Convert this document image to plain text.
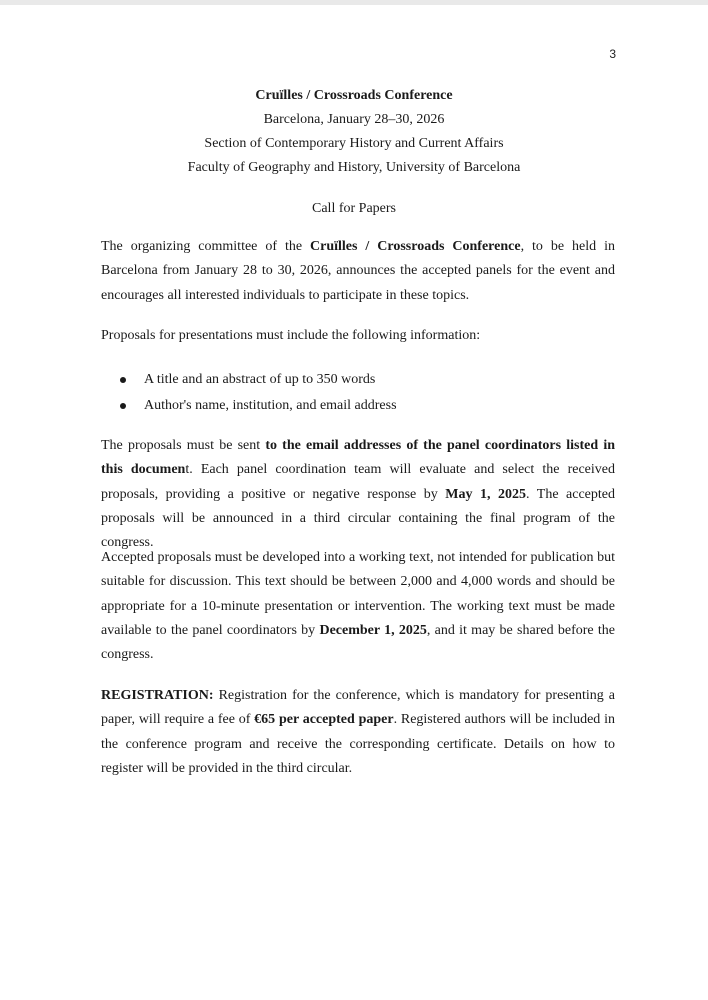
3
Cruïlles / Crossroads Conference
Barcelona, January 28–30, 2026
Section of Contemporary History and Current Affairs
Faculty of Geography and History, University of Barcelona
Call for Papers

The organizing committee of the Cruïlles / Crossroads Conference, to be held in Barcelona from January 28 to 30, 2026, announces the accepted panels for the event and encourages all interested individuals to participate in these topics.

Proposals for presentations must include the following information:

A title and an abstract of up to 350 words
Author's name, institution, and email address

The proposals must be sent to the email addresses of the panel coordinators listed in this document. Each panel coordination team will evaluate and select the received proposals, providing a positive or negative response by May 1, 2025. The accepted proposals will be announced in a third circular containing the final program of the congress.

Accepted proposals must be developed into a working text, not intended for publication but suitable for discussion. This text should be between 2,000 and 4,000 words and should be appropriate for a 10-minute presentation or intervention. The working text must be made available to the panel coordinators by December 1, 2025, and it may be shared before the congress.

REGISTRATION: Registration for the conference, which is mandatory for presenting a paper, will require a fee of €65 per accepted paper. Registered authors will be included in the conference program and receive the corresponding certificate. Details on how to register will be provided in the third circular.
